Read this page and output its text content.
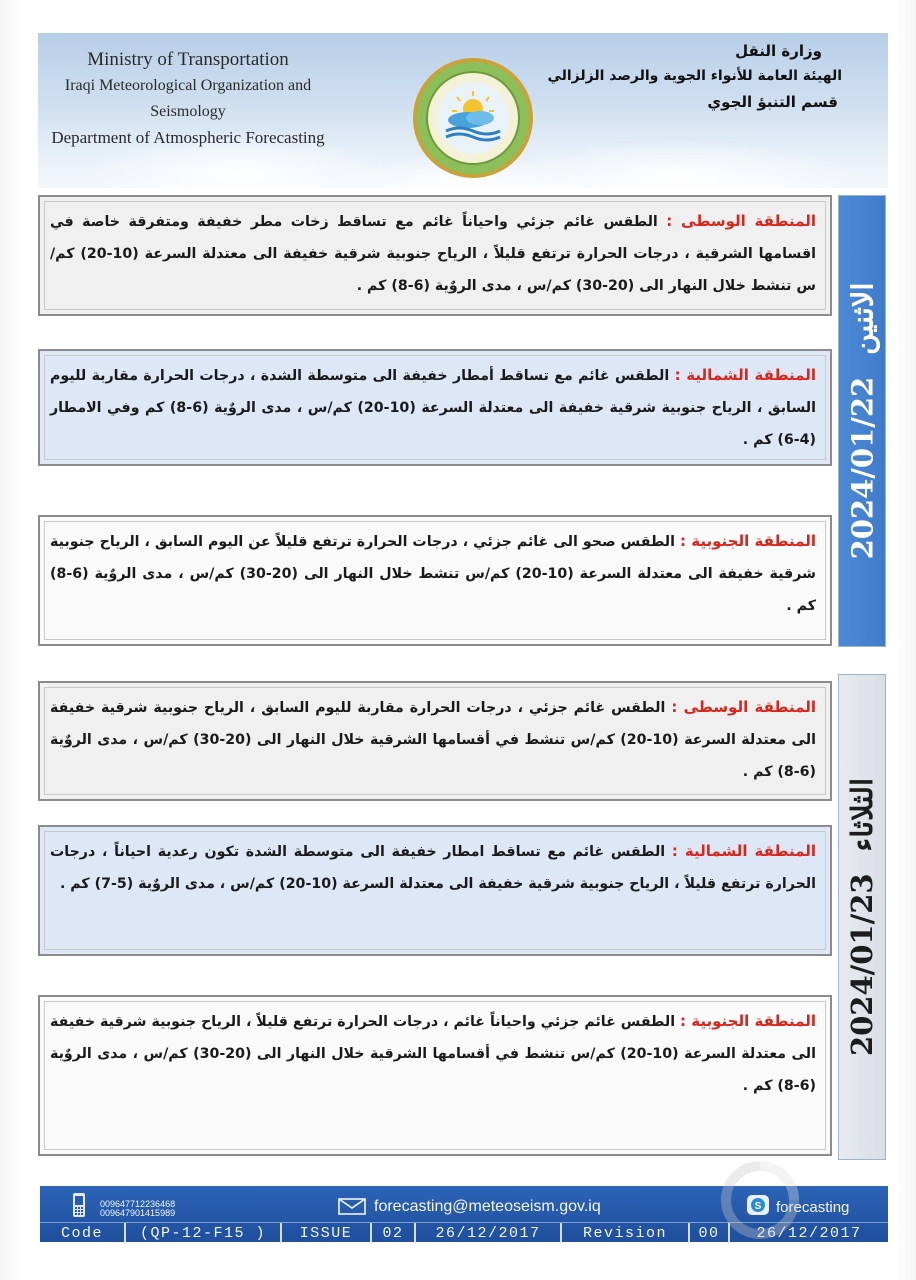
Ministry of Transportation
Iraqi Meteorological Organization and Seismology
Department of Atmospheric Forecasting
وزارة النقل
الهيئة العامة للأنواء الجوية والرصد الزلزالي
قسم التنبؤ الجوي
الاثنين
2024/01/22
المنطقة الوسطى : الطقس غائم جزئي واحياناً غائم مع تساقط زخات مطر خفيفة ومتفرقة خاصة في اقسامها الشرقية ، درجات الحرارة ترتفع قليلاً ، الرياح جنوبية شرقية خفيفة الى معتدلة السرعة (10-20) كم/س تنشط خلال النهار الى (20-30) كم/س ، مدى الروٌية (6-8) كم .
المنطقة الشمالية : الطقس غائم مع تساقط أمطار خفيفة الى متوسطة الشدة ، درجات الحرارة مقاربة لليوم السابق ، الرياح جنوبية شرقية خفيفة الى معتدلة السرعة (10-20) كم/س ، مدى الروٌية (6-8) كم وفي الامطار (4-6) كم .
المنطقة الجنوبية : الطقس صحو الى غائم جزئي ، درجات الحرارة ترتفع قليلاً عن اليوم السابق ، الرياح جنوبية شرقية خفيفة الى معتدلة السرعة (10-20) كم/س تنشط خلال النهار الى (20-30) كم/س ، مدى الروٌية (6-8) كم .
الثلاثاء
2024/01/23
المنطقة الوسطى : الطقس غائم جزئي ، درجات الحرارة مقاربة لليوم السابق ، الرياح جنوبية شرقية خفيفة الى معتدلة السرعة (10-20) كم/س تنشط في أقسامها الشرقية خلال النهار الى (20-30) كم/س ، مدى الروٌية (6-8) كم .
المنطقة الشمالية : الطقس غائم مع تساقط امطار خفيفة الى متوسطة الشدة تكون رعدية احياناً ، درجات الحرارة ترتفع قليلاً ، الرياح جنوبية شرقية خفيفة الى معتدلة السرعة (10-20) كم/س ، مدى الروٌية (5-7) كم .
المنطقة الجنوبية : الطقس غائم جزئي واحياناً غائم ، درجات الحرارة ترتفع قليلاً ، الرياح جنوبية شرقية خفيفة الى معتدلة السرعة (10-20) كم/س تنشط في أقسامها الشرقية خلال النهار الى (20-30) كم/س ، مدى الروٌية (6-8) كم .
009647712236468
009647901415989	forecasting@meteoseism.gov.iq	S forecasting
Code	(QP-12-F15 )	ISSUE	02	26/12/2017	Revision	00	26/12/2017
